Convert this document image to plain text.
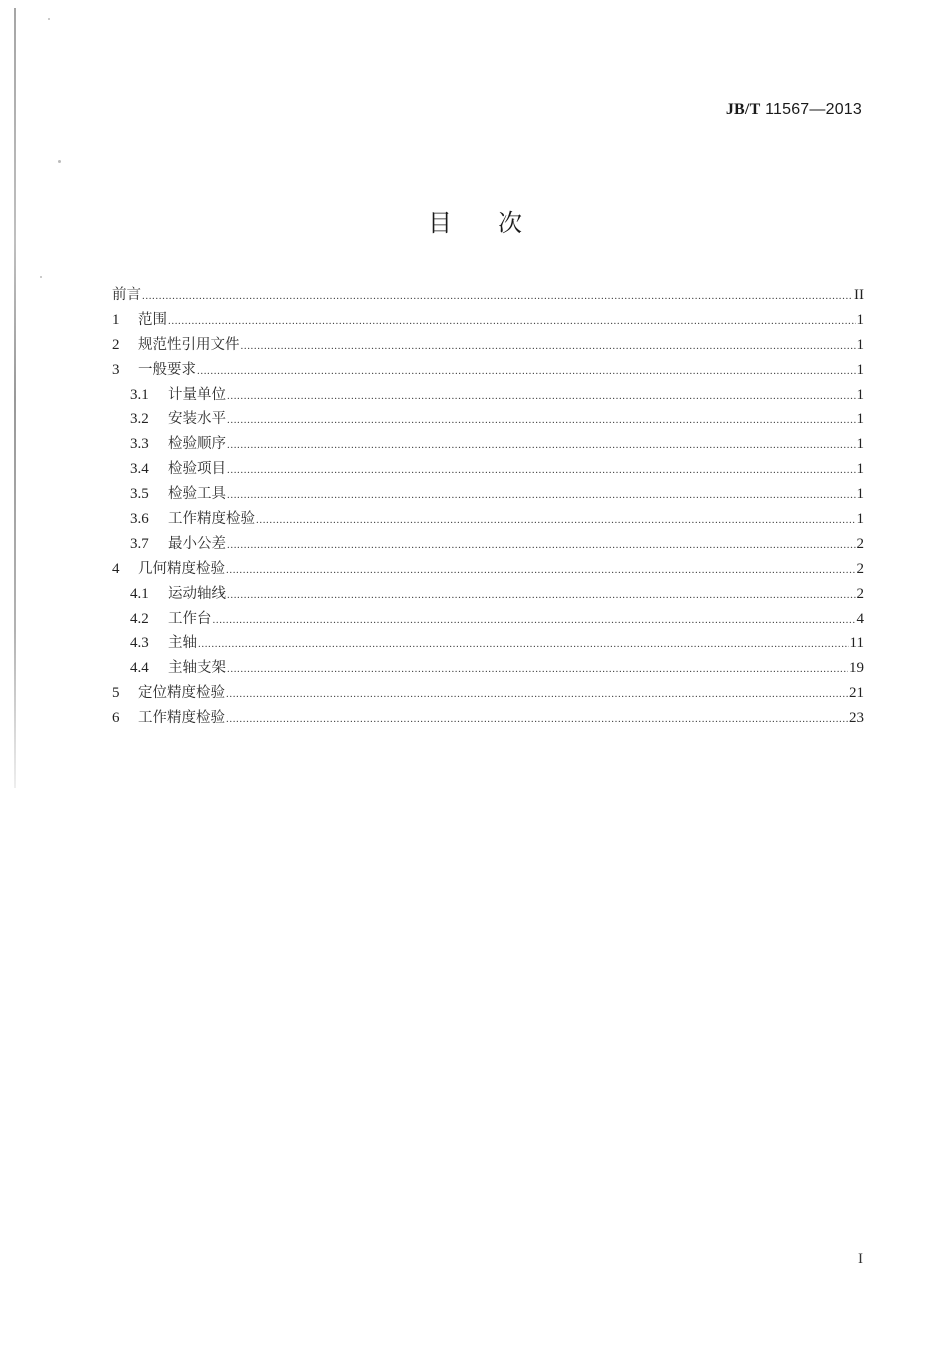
JB/T 11567—2013
目 次
前言 .....	II
1	范围 .....	1
2	规范性引用文件 .....	1
3	一般要求 .....	1
3.1	计量单位 .....	1
3.2	安装水平 .....	1
3.3	检验顺序 .....	1
3.4	检验项目 .....	1
3.5	检验工具 .....	1
3.6	工作精度检验 .....	1
3.7	最小公差 .....	2
4	几何精度检验 .....	2
4.1	运动轴线 .....	2
4.2	工作台 .....	4
4.3	主轴 .....	11
4.4	主轴支架 .....	19
5	定位精度检验 .....	21
6	工作精度检验 .....	23
I
